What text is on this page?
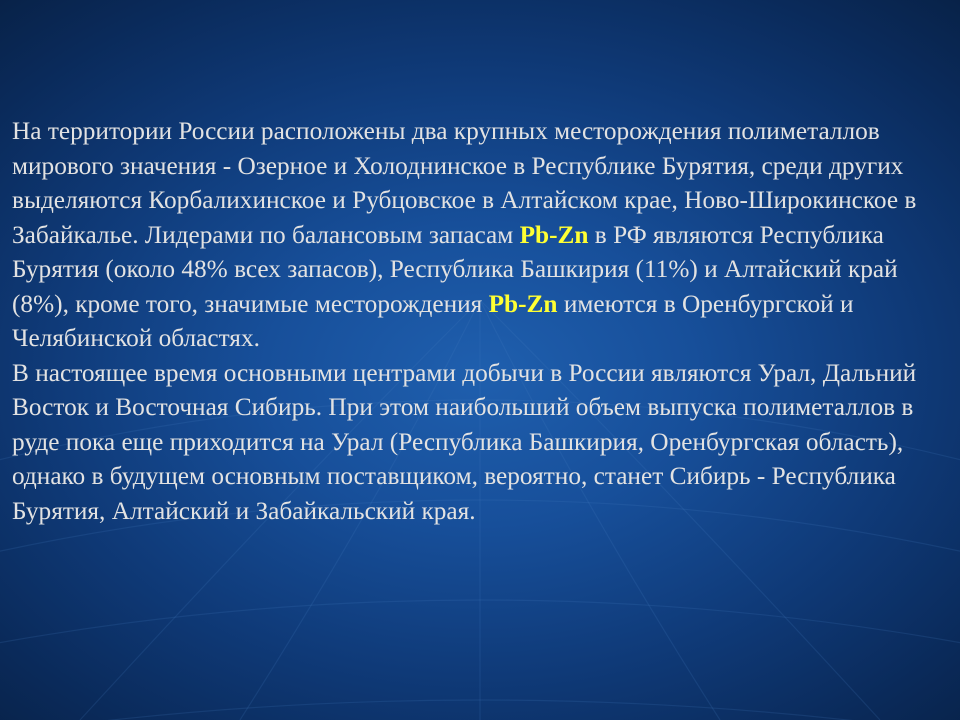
На территории России расположены два крупных месторождения полиметаллов мирового значения - Озерное и Холоднинское в Республике Бурятия, среди других выделяются Корбалихинское и Рубцовское в Алтайском крае, Ново-Широкинское в Забайкалье. Лидерами по балансовым запасам Pb-Zn в РФ являются Республика Бурятия (около 48% всех запасов), Республика Башкирия (11%) и Алтайский край (8%), кроме того, значимые месторождения Pb-Zn имеются в Оренбургской и Челябинской областях.

В настоящее время основными центрами добычи в России являются Урал, Дальний Восток и Восточная Сибирь. При этом наибольший объем выпуска полиметаллов в руде пока еще приходится на Урал (Республика Башкирия, Оренбургская область), однако в будущем основным поставщиком, вероятно, станет Сибирь - Республика Бурятия, Алтайский и Забайкальский края.
